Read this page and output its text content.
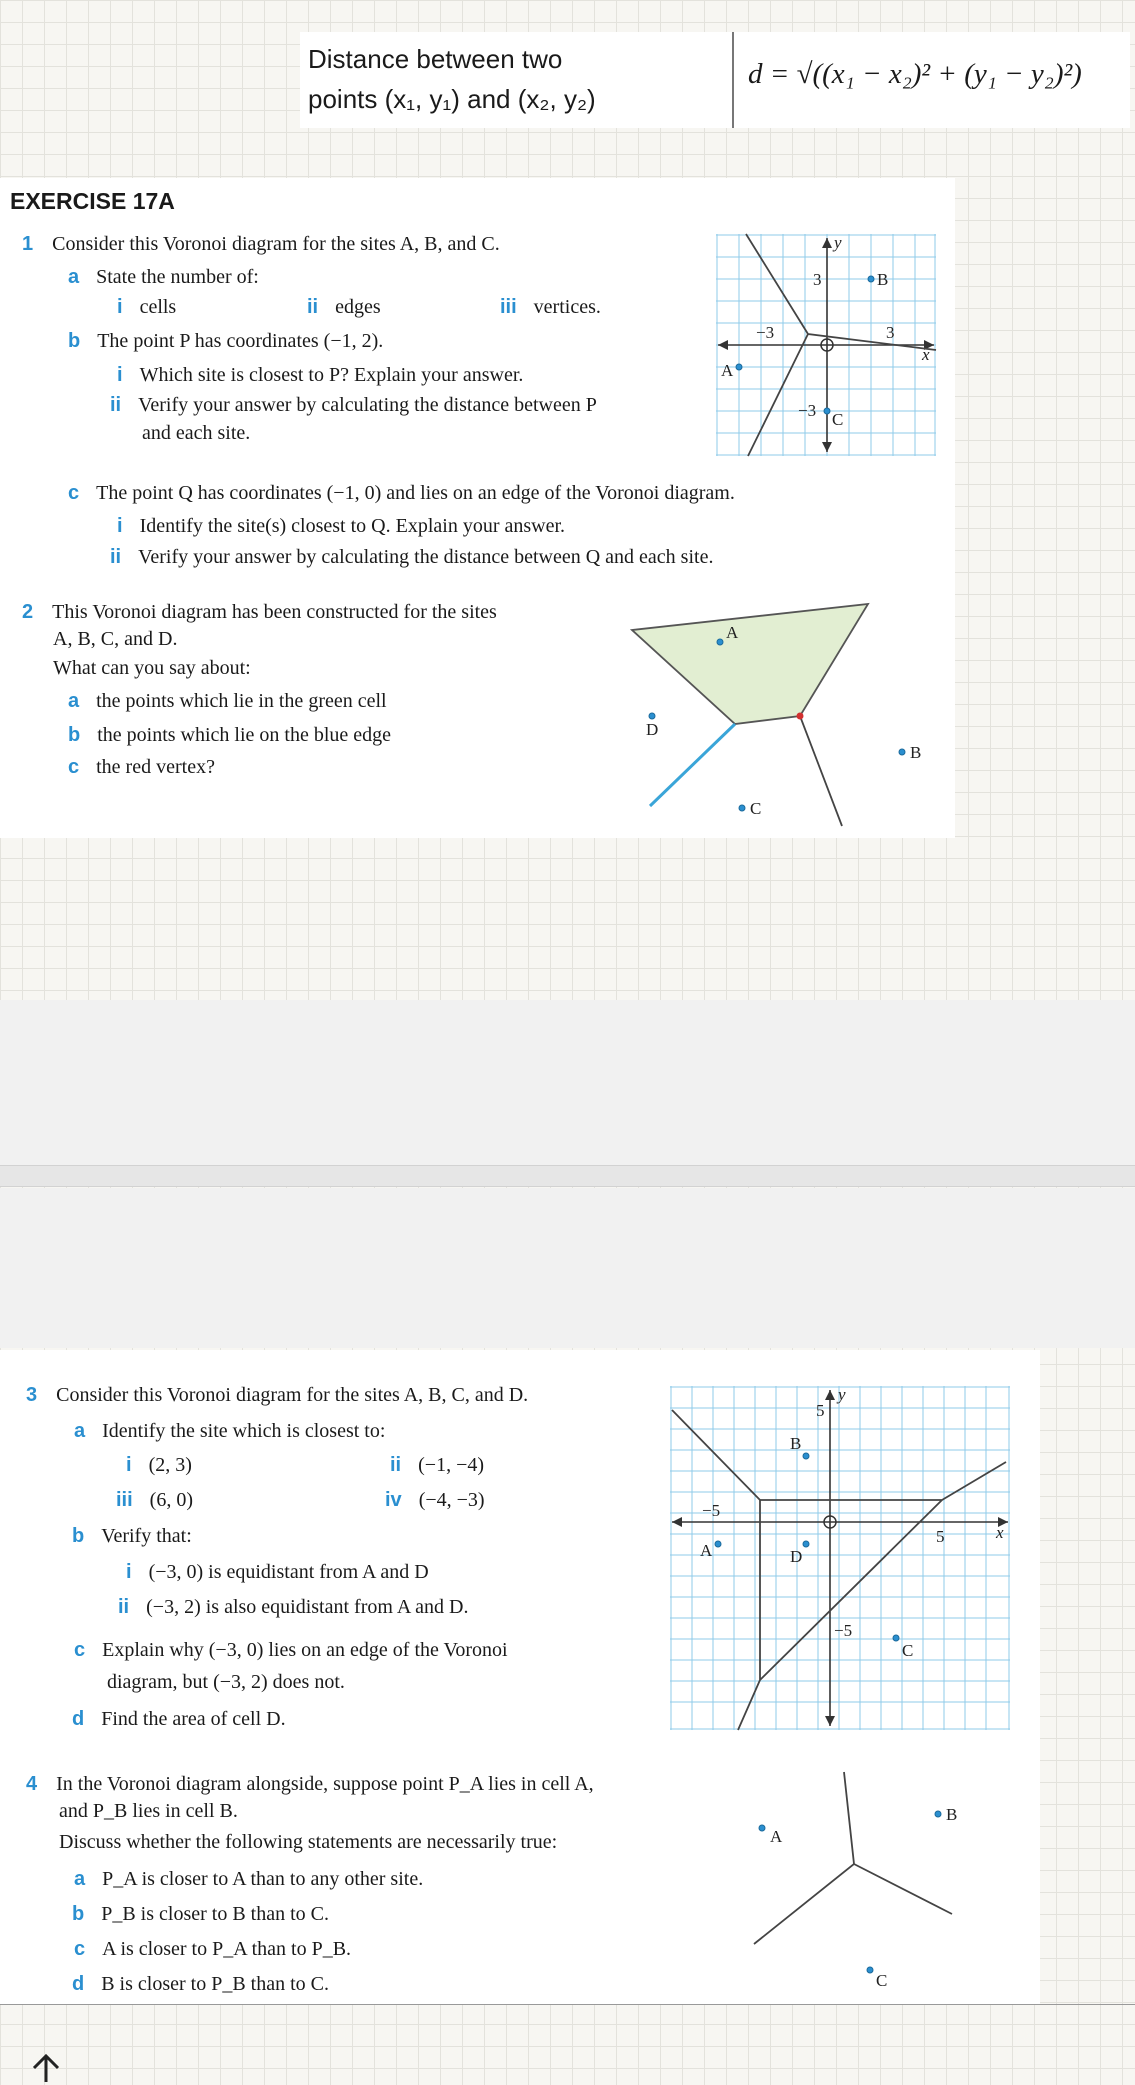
Distance between two
points (x₁, y₁) and (x₂, y₂)
d = √((x₁ − x₂)² + (y₁ − y₂)²)
EXERCISE 17A
1 Consider this Voronoi diagram for the sites A, B, and C.
a State the number of:
i cells	ii edges	iii vertices.
b The point P has coordinates (−1, 2).
i Which site is closest to P? Explain your answer.
ii Verify your answer by calculating the distance between P
and each site.
c The point Q has coordinates (−1, 0) and lies on an edge of the Voronoi diagram.
i Identify the site(s) closest to Q. Explain your answer.
ii Verify your answer by calculating the distance between Q and each site.
y
x
3
−3	3
−3
A
B
C
2 This Voronoi diagram has been constructed for the sites
A, B, C, and D.
What can you say about:
a the points which lie in the green cell
b the points which lie on the blue edge
c the red vertex?
A
B
C
D
3 Consider this Voronoi diagram for the sites A, B, C, and D.
a Identify the site which is closest to:
i (2, 3)	ii (−1, −4)
iii (6, 0)	iv (−4, −3)
b Verify that:
i (−3, 0) is equidistant from A and D
ii (−3, 2) is also equidistant from A and D.
c Explain why (−3, 0) lies on an edge of the Voronoi
diagram, but (−3, 2) does not.
d Find the area of cell D.
y
x
5
−5
5
−5
A
B
C
D
4 In the Voronoi diagram alongside, suppose point P_A lies in cell A,
and P_B lies in cell B.
Discuss whether the following statements are necessarily true:
a P_A is closer to A than to any other site.
b P_B is closer to B than to C.
c A is closer to P_A than to P_B.
d B is closer to P_B than to C.
A
B
C
